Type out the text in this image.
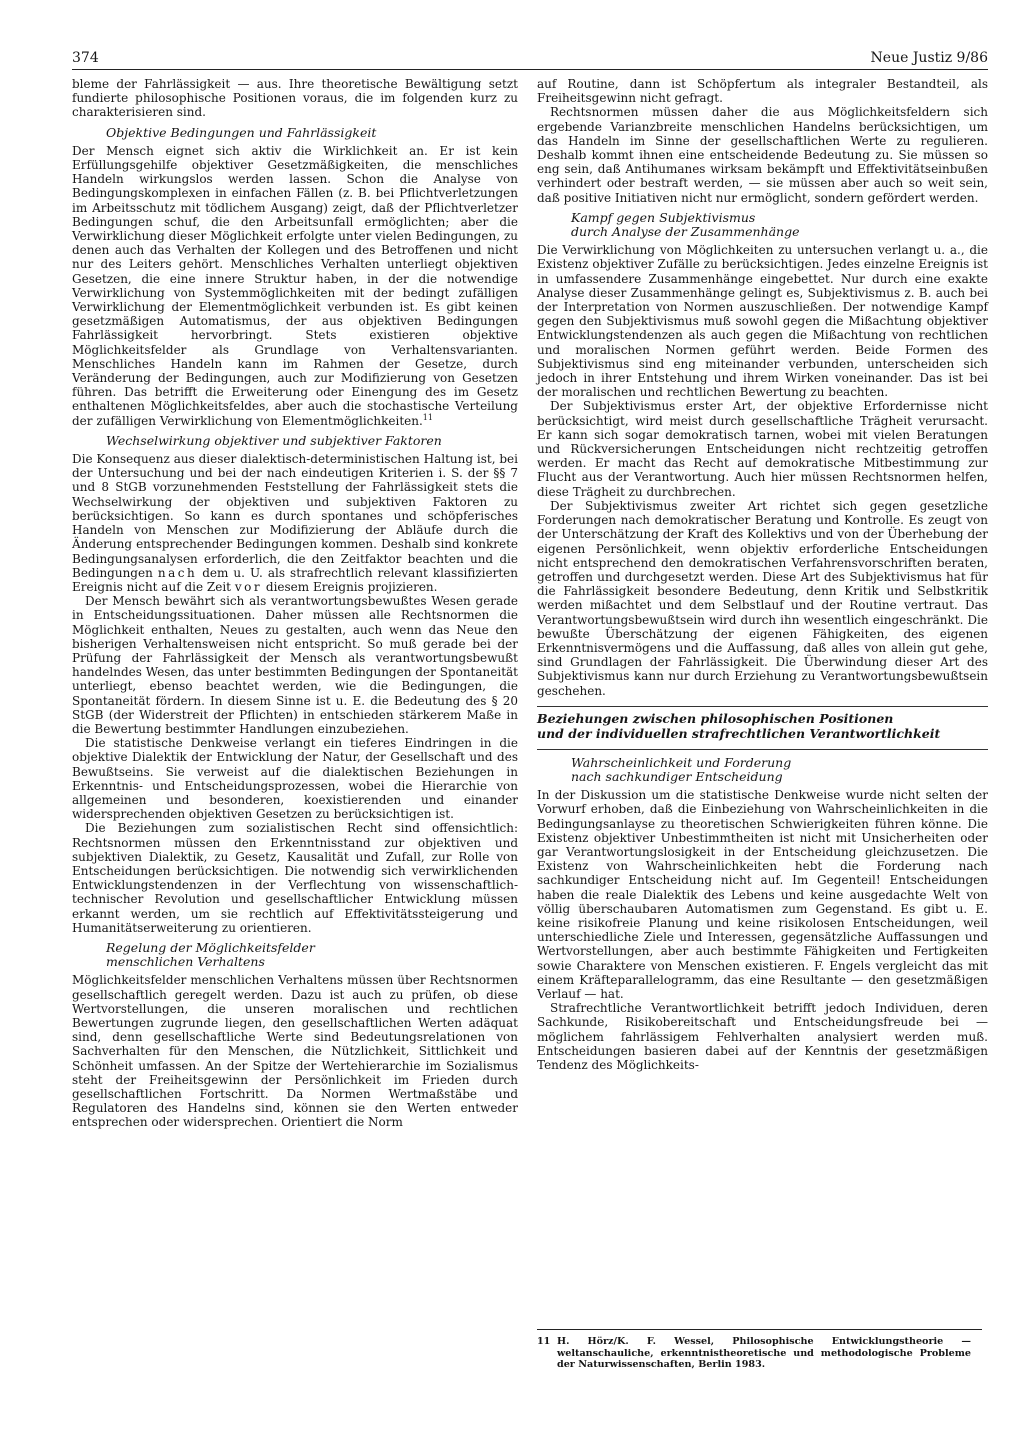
374	Neue Justiz 9/86

bleme der Fahrlässigkeit — aus. Ihre theoretische Bewältigung setzt fundierte philosophische Positionen voraus, die im folgenden kurz zu charakterisieren sind.

Objektive Bedingungen und Fahrlässigkeit

Der Mensch eignet sich aktiv die Wirklichkeit an. Er ist kein Erfüllungsgehilfe objektiver Gesetzmäßigkeiten, die menschliches Handeln wirkungslos werden lassen. Schon die Analyse von Bedingungskomplexen in einfachen Fällen (z. B. bei Pflichtverletzungen im Arbeitsschutz mit tödlichem Ausgang) zeigt, daß der Pflichtverletzer Bedingungen schuf, die den Arbeitsunfall ermöglichten; aber die Verwirklichung dieser Möglichkeit erfolgte unter vielen Bedingungen, zu denen auch das Verhalten der Kollegen und des Betroffenen und nicht nur des Leiters gehört. Menschliches Verhalten unterliegt objektiven Gesetzen, die eine innere Struktur haben, in der die notwendige Verwirklichung von Systemmöglichkeiten mit der bedingt zufälligen Verwirklichung der Elementmöglichkeit verbunden ist. Es gibt keinen gesetzmäßigen Automatismus, der aus objektiven Bedingungen Fahrlässigkeit hervorbringt. Stets existieren objektive Möglichkeitsfelder als Grundlage von Verhaltensvarianten. Menschliches Handeln kann im Rahmen der Gesetze, durch Veränderung der Bedingungen, auch zur Modifizierung von Gesetzen führen. Das betrifft die Erweiterung oder Einengung des im Gesetz enthaltenen Möglichkeitsfeldes, aber auch die stochastische Verteilung der zufälligen Verwirklichung von Elementmöglichkeiten.$^{11}$

Wechselwirkung objektiver und subjektiver Faktoren

Die Konsequenz aus dieser dialektisch-deterministischen Haltung ist, bei der Untersuchung und bei der nach eindeutigen Kriterien i. S. der §§ 7 und 8 StGB vorzunehmenden Feststellung der Fahrlässigkeit stets die Wechselwirkung der objektiven und subjektiven Faktoren zu berücksichtigen. So kann es durch spontanes und schöpferisches Handeln von Menschen zur Modifizierung der Abläufe durch die Änderung entsprechender Bedingungen kommen. Deshalb sind konkrete Bedingungsanalysen erforderlich, die den Zeitfaktor beachten und die Bedingungen nach dem u. U. als strafrechtlich relevant klassifizierten Ereignis nicht auf die Zeit vor diesem Ereignis projizieren.

Der Mensch bewährt sich als verantwortungsbewußtes Wesen gerade in Entscheidungssituationen. Daher müssen alle Rechtsnormen die Möglichkeit enthalten, Neues zu gestalten, auch wenn das Neue den bisherigen Verhaltensweisen nicht entspricht. So muß gerade bei der Prüfung der Fahrlässigkeit der Mensch als verantwortungsbewußt handelndes Wesen, das unter bestimmten Bedingungen der Spontaneität unterliegt, ebenso beachtet werden, wie die Bedingungen, die Spontaneität fördern. In diesem Sinne ist u. E. die Bedeutung des § 20 StGB (der Widerstreit der Pflichten) in entschieden stärkerem Maße in die Bewertung bestimmter Handlungen einzubeziehen.

Die statistische Denkweise verlangt ein tieferes Eindringen in die objektive Dialektik der Entwicklung der Natur, der Gesellschaft und des Bewußtseins. Sie verweist auf die dialektischen Beziehungen in Erkenntnis- und Entscheidungsprozessen, wobei die Hierarchie von allgemeinen und besonderen, koexistierenden und einander widersprechenden objektiven Gesetzen zu berücksichtigen ist.

Die Beziehungen zum sozialistischen Recht sind offensichtlich: Rechtsnormen müssen den Erkenntnisstand zur objektiven und subjektiven Dialektik, zu Gesetz, Kausalität und Zufall, zur Rolle von Entscheidungen berücksichtigen. Die notwendig sich verwirklichenden Entwicklungstendenzen in der Verflechtung von wissenschaftlich-technischer Revolution und gesellschaftlicher Entwicklung müssen erkannt werden, um sie rechtlich auf Effektivitätssteigerung und Humanitätserweiterung zu orientieren.

Regelung der Möglichkeitsfelder
menschlichen Verhaltens

Möglichkeitsfelder menschlichen Verhaltens müssen über Rechtsnormen gesellschaftlich geregelt werden. Dazu ist auch zu prüfen, ob diese Wertvorstellungen, die unseren moralischen und rechtlichen Bewertungen zugrunde liegen, den gesellschaftlichen Werten adäquat sind, denn gesellschaftliche Werte sind Bedeutungsrelationen von Sachverhalten für den Menschen, die Nützlichkeit, Sittlichkeit und Schönheit umfassen. An der Spitze der Wertehierarchie im Sozialismus steht der Freiheitsgewinn der Persönlichkeit im Frieden durch gesellschaftlichen Fortschritt. Da Normen Wertmaßstäbe und Regulatoren des Handelns sind, können sie den Werten entweder entsprechen oder widersprechen. Orientiert die Norm

auf Routine, dann ist Schöpfertum als integraler Bestandteil, als Freiheitsgewinn nicht gefragt.

Rechtsnormen müssen daher die aus Möglichkeitsfeldern sich ergebende Varianzbreite menschlichen Handelns berücksichtigen, um das Handeln im Sinne der gesellschaftlichen Werte zu regulieren. Deshalb kommt ihnen eine entscheidende Bedeutung zu. Sie müssen so eng sein, daß Antihumanes wirksam bekämpft und Effektivitätseinbußen verhindert oder bestraft werden, — sie müssen aber auch so weit sein, daß positive Initiativen nicht nur ermöglicht, sondern gefördert werden.

Kampf gegen Subjektivismus
durch Analyse der Zusammenhänge

Die Verwirklichung von Möglichkeiten zu untersuchen verlangt u. a., die Existenz objektiver Zufälle zu berücksichtigen. Jedes einzelne Ereignis ist in umfassendere Zusammenhänge eingebettet. Nur durch eine exakte Analyse dieser Zusammenhänge gelingt es, Subjektivismus z. B. auch bei der Interpretation von Normen auszuschließen. Der notwendige Kampf gegen den Subjektivismus muß sowohl gegen die Mißachtung objektiver Entwicklungstendenzen als auch gegen die Mißachtung von rechtlichen und moralischen Normen geführt werden. Beide Formen des Subjektivismus sind eng miteinander verbunden, unterscheiden sich jedoch in ihrer Entstehung und ihrem Wirken voneinander. Das ist bei der moralischen und rechtlichen Bewertung zu beachten.

Der Subjektivismus erster Art, der objektive Erfordernisse nicht berücksichtigt, wird meist durch gesellschaftliche Trägheit verursacht. Er kann sich sogar demokratisch tarnen, wobei mit vielen Beratungen und Rückversicherungen Entscheidungen nicht rechtzeitig getroffen werden. Er macht das Recht auf demokratische Mitbestimmung zur Flucht aus der Verantwortung. Auch hier müssen Rechtsnormen helfen, diese Trägheit zu durchbrechen.

Der Subjektivismus zweiter Art richtet sich gegen gesetzliche Forderungen nach demokratischer Beratung und Kontrolle. Es zeugt von der Unterschätzung der Kraft des Kollektivs und von der Überhebung der eigenen Persönlichkeit, wenn objektiv erforderliche Entscheidungen nicht entsprechend den demokratischen Verfahrensvorschriften beraten, getroffen und durchgesetzt werden. Diese Art des Subjektivismus hat für die Fahrlässigkeit besondere Bedeutung, denn Kritik und Selbstkritik werden mißachtet und dem Selbstlauf und der Routine vertraut. Das Verantwortungsbewußtsein wird durch ihn wesentlich eingeschränkt. Die bewußte Überschätzung der eigenen Fähigkeiten, des eigenen Erkenntnisvermögens und die Auffassung, daß alles von allein gut gehe, sind Grundlagen der Fahrlässigkeit. Die Überwindung dieser Art des Subjektivismus kann nur durch Erziehung zu Verantwortungsbewußtsein geschehen.

Beziehungen zwischen philosophischen Positionen
und der individuellen strafrechtlichen Verantwortlichkeit
Wahrscheinlichkeit und Forderung
nach sachkundiger Entscheidung

In der Diskussion um die statistische Denkweise wurde nicht selten der Vorwurf erhoben, daß die Einbeziehung von Wahrscheinlichkeiten in die Bedingungsanlayse zu theoretischen Schwierigkeiten führen könne. Die Existenz objektiver Unbestimmtheiten ist nicht mit Unsicherheiten oder gar Verantwortungslosigkeit in der Entscheidung gleichzusetzen. Die Existenz von Wahrscheinlichkeiten hebt die Forderung nach sachkundiger Entscheidung nicht auf. Im Gegenteil! Entscheidungen haben die reale Dialektik des Lebens und keine ausgedachte Welt von völlig überschaubaren Automatismen zum Gegenstand. Es gibt u. E. keine risikofreie Planung und keine risikolosen Entscheidungen, weil unterschiedliche Ziele und Interessen, gegensätzliche Auffassungen und Wertvorstellungen, aber auch bestimmte Fähigkeiten und Fertigkeiten sowie Charaktere von Menschen existieren. F. Engels vergleicht das mit einem Kräfteparallelogramm, das eine Resultante — den gesetzmäßigen Verlauf — hat.

Strafrechtliche Verantwortlichkeit betrifft jedoch Individuen, deren Sachkunde, Risikobereitschaft und Entscheidungsfreude bei — möglichem fahrlässigem Fehlverhalten analysiert werden muß. Entscheidungen basieren dabei auf der Kenntnis der gesetzmäßigen Tendenz des Möglichkeits-

11 H. Hörz/K. F. Wessel, Philosophische Entwicklungstheorie — weltanschauliche, erkenntnistheoretische und methodologische Probleme der Naturwissenschaften, Berlin 1983.
